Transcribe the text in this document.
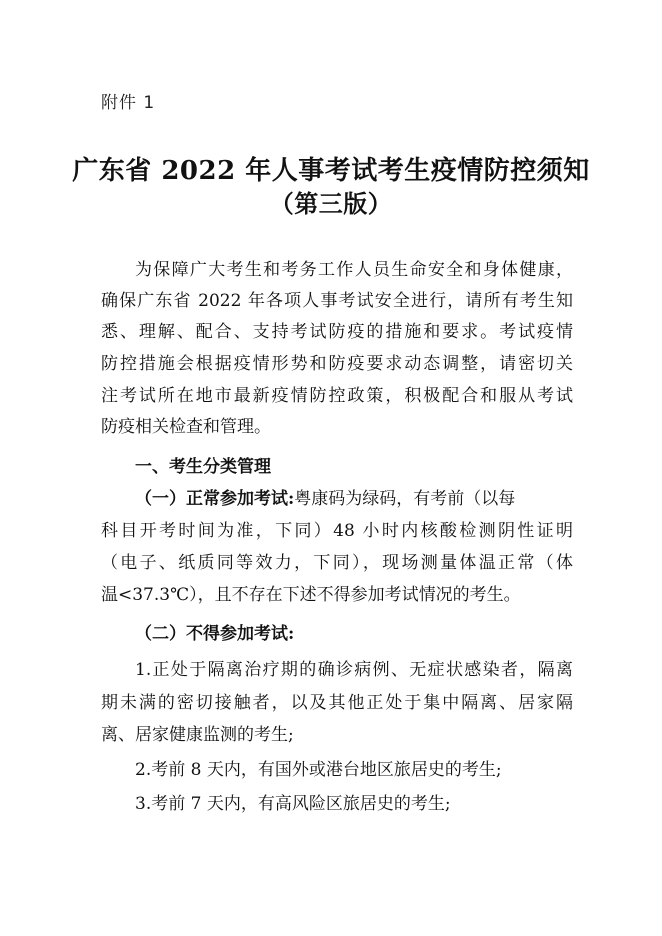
附件 1
广东省 2022 年人事考试考生疫情防控须知
（第三版）
为保障广大考生和考务工作人员生命安全和身体健康，
确保广东省 2022 年各项人事考试安全进行，请所有考生知
悉、理解、配合、支持考试防疫的措施和要求。考试疫情
防控措施会根据疫情形势和防疫要求动态调整，请密切关
注考试所在地市最新疫情防控政策，积极配合和服从考试
防疫相关检查和管理。
一、考生分类管理
（一）正常参加考试:粤康码为绿码，有考前（以每
科目开考时间为准，下同）48 小时内核酸检测阴性证明
（电子、纸质同等效力，下同），现场测量体温正常（体
温<37.3℃），且不存在下述不得参加考试情况的考生。
（二）不得参加考试:
1.正处于隔离治疗期的确诊病例、无症状感染者，隔离
期未满的密切接触者，以及其他正处于集中隔离、居家隔
离、居家健康监测的考生;
2.考前 8 天内，有国外或港台地区旅居史的考生;
3.考前 7 天内，有高风险区旅居史的考生;
